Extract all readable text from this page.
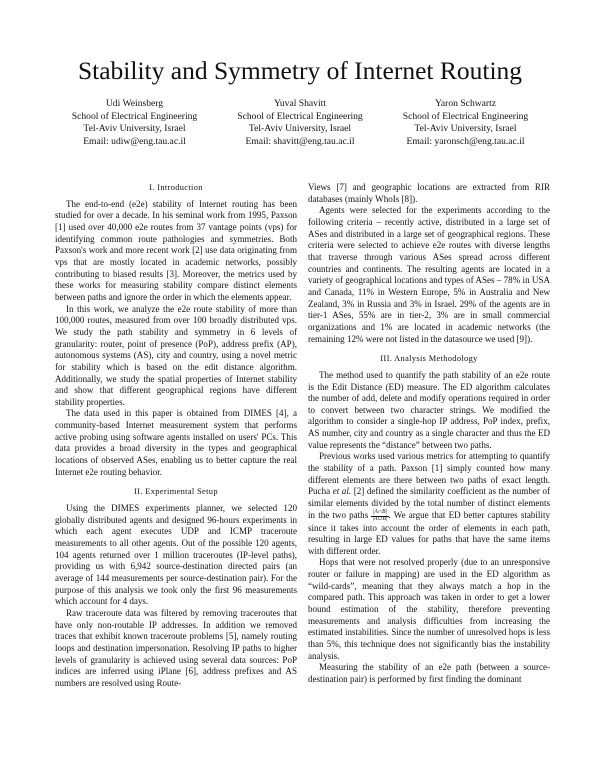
Stability and Symmetry of Internet Routing
Udi Weinsberg
School of Electrical Engineering
Tel-Aviv University, Israel
Email: udiw@eng.tau.ac.il
Yuval Shavitt
School of Electrical Engineering
Tel-Aviv University, Israel
Email: shavitt@eng.tau.ac.il
Yaron Schwartz
School of Electrical Engineering
Tel-Aviv University, Israel
Email: yaronsch@eng.tau.ac.il
I. Introduction

The end-to-end (e2e) stability of Internet routing has been studied for over a decade. In his seminal work from 1995, Paxson [1] used over 40,000 e2e routes from 37 vantage points (vps) for identifying common route pathologies and symmetries. Both Paxson's work and more recent work [2] use data originating from vps that are mostly located in academic networks, possibly contributing to biased results [3]. Moreover, the metrics used by these works for measuring stability compare distinct elements between paths and ignore the order in which the elements appear.

In this work, we analyze the e2e route stability of more than 100,000 routes, measured from over 100 broadly distributed vps. We study the path stability and symmetry in 6 levels of granularity: router, point of presence (PoP), address prefix (AP), autonomous systems (AS), city and country, using a novel metric for stability which is based on the edit distance algorithm. Additionally, we study the spatial properties of Internet stability and show that different geographical regions have different stability properties.

The data used in this paper is obtained from DIMES [4], a community-based Internet measurement system that performs active probing using software agents installed on users' PCs. This data provides a broad diversity in the types and geographical locations of observed ASes, enabling us to better capture the real Internet e2e routing behavior.

II. Experimental Setup

Using the DIMES experiments planner, we selected 120 globally distributed agents and designed 96-hours experiments in which each agent executes UDP and ICMP traceroute measurements to all other agents. Out of the possible 120 agents, 104 agents returned over 1 million traceroutes (IP-level paths), providing us with 6,942 source-destination directed pairs (an average of 144 measurements per source-destination pair). For the purpose of this analysis we took only the first 96 measurements which account for 4 days.

Raw traceroute data was filtered by removing traceroutes that have only non-routable IP addresses. In addition we removed traces that exhibit known traceroute problems [5], namely routing loops and destination impersonation. Resolving IP paths to higher levels of granularity is achieved using several data sources: PoP indices are inferred using iPlane [6], address prefixes and AS numbers are resolved using Route-

Views [7] and geographic locations are extracted from RIR databases (mainly WhoIs [8]).

Agents were selected for the experiments according to the following criteria – recently active, distributed in a large set of ASes and distributed in a large set of geographical regions. These criteria were selected to achieve e2e routes with diverse lengths that traverse through various ASes spread across different countries and continents. The resulting agents are located in a variety of geographical locations and types of ASes – 78% in USA and Canada, 11% in Western Europe, 5% in Australia and New Zealand, 3% in Russia and 3% in Israel. 29% of the agents are in tier-1 ASes, 55% are in tier-2, 3% are in small commercial organizations and 1% are located in academic networks (the remaining 12% were not listed in the datasource we used [9]).

III. Analysis Methodology

The method used to quantify the path stability of an e2e route is the Edit Distance (ED) measure. The ED algorithm calculates the number of add, delete and modify operations required in order to convert between two character strings. We modified the algorithm to consider a single-hop IP address, PoP index, prefix, AS number, city and country as a single character and thus the ED value represents the “distance” between two paths.

Previous works used various metrics for attempting to quantify the stability of a path. Paxson [1] simply counted how many different elements are there between two paths of exact length. Pucha et al. [2] defined the similarity coefficient as the number of similar elements divided by the total number of distinct elements in the two paths $\frac{|A\cap B|}{|A\cup B|}$ . We argue that ED better captures stability since it takes into account the order of elements in each path, resulting in large ED values for paths that have the same items with different order.

Hops that were not resolved properly (due to an unresponsive router or failure in mapping) are used in the ED algorithm as “wild-cards”, meaning that they always match a hop in the compared path. This approach was taken in order to get a lower bound estimation of the stability, therefore preventing measurements and analysis difficulties from increasing the estimated instabilities. Since the number of unresolved hops is less than 5%, this technique does not significantly bias the instability analysis.

Measuring the stability of an e2e path (between a source-destination pair) is performed by first finding the dominant
